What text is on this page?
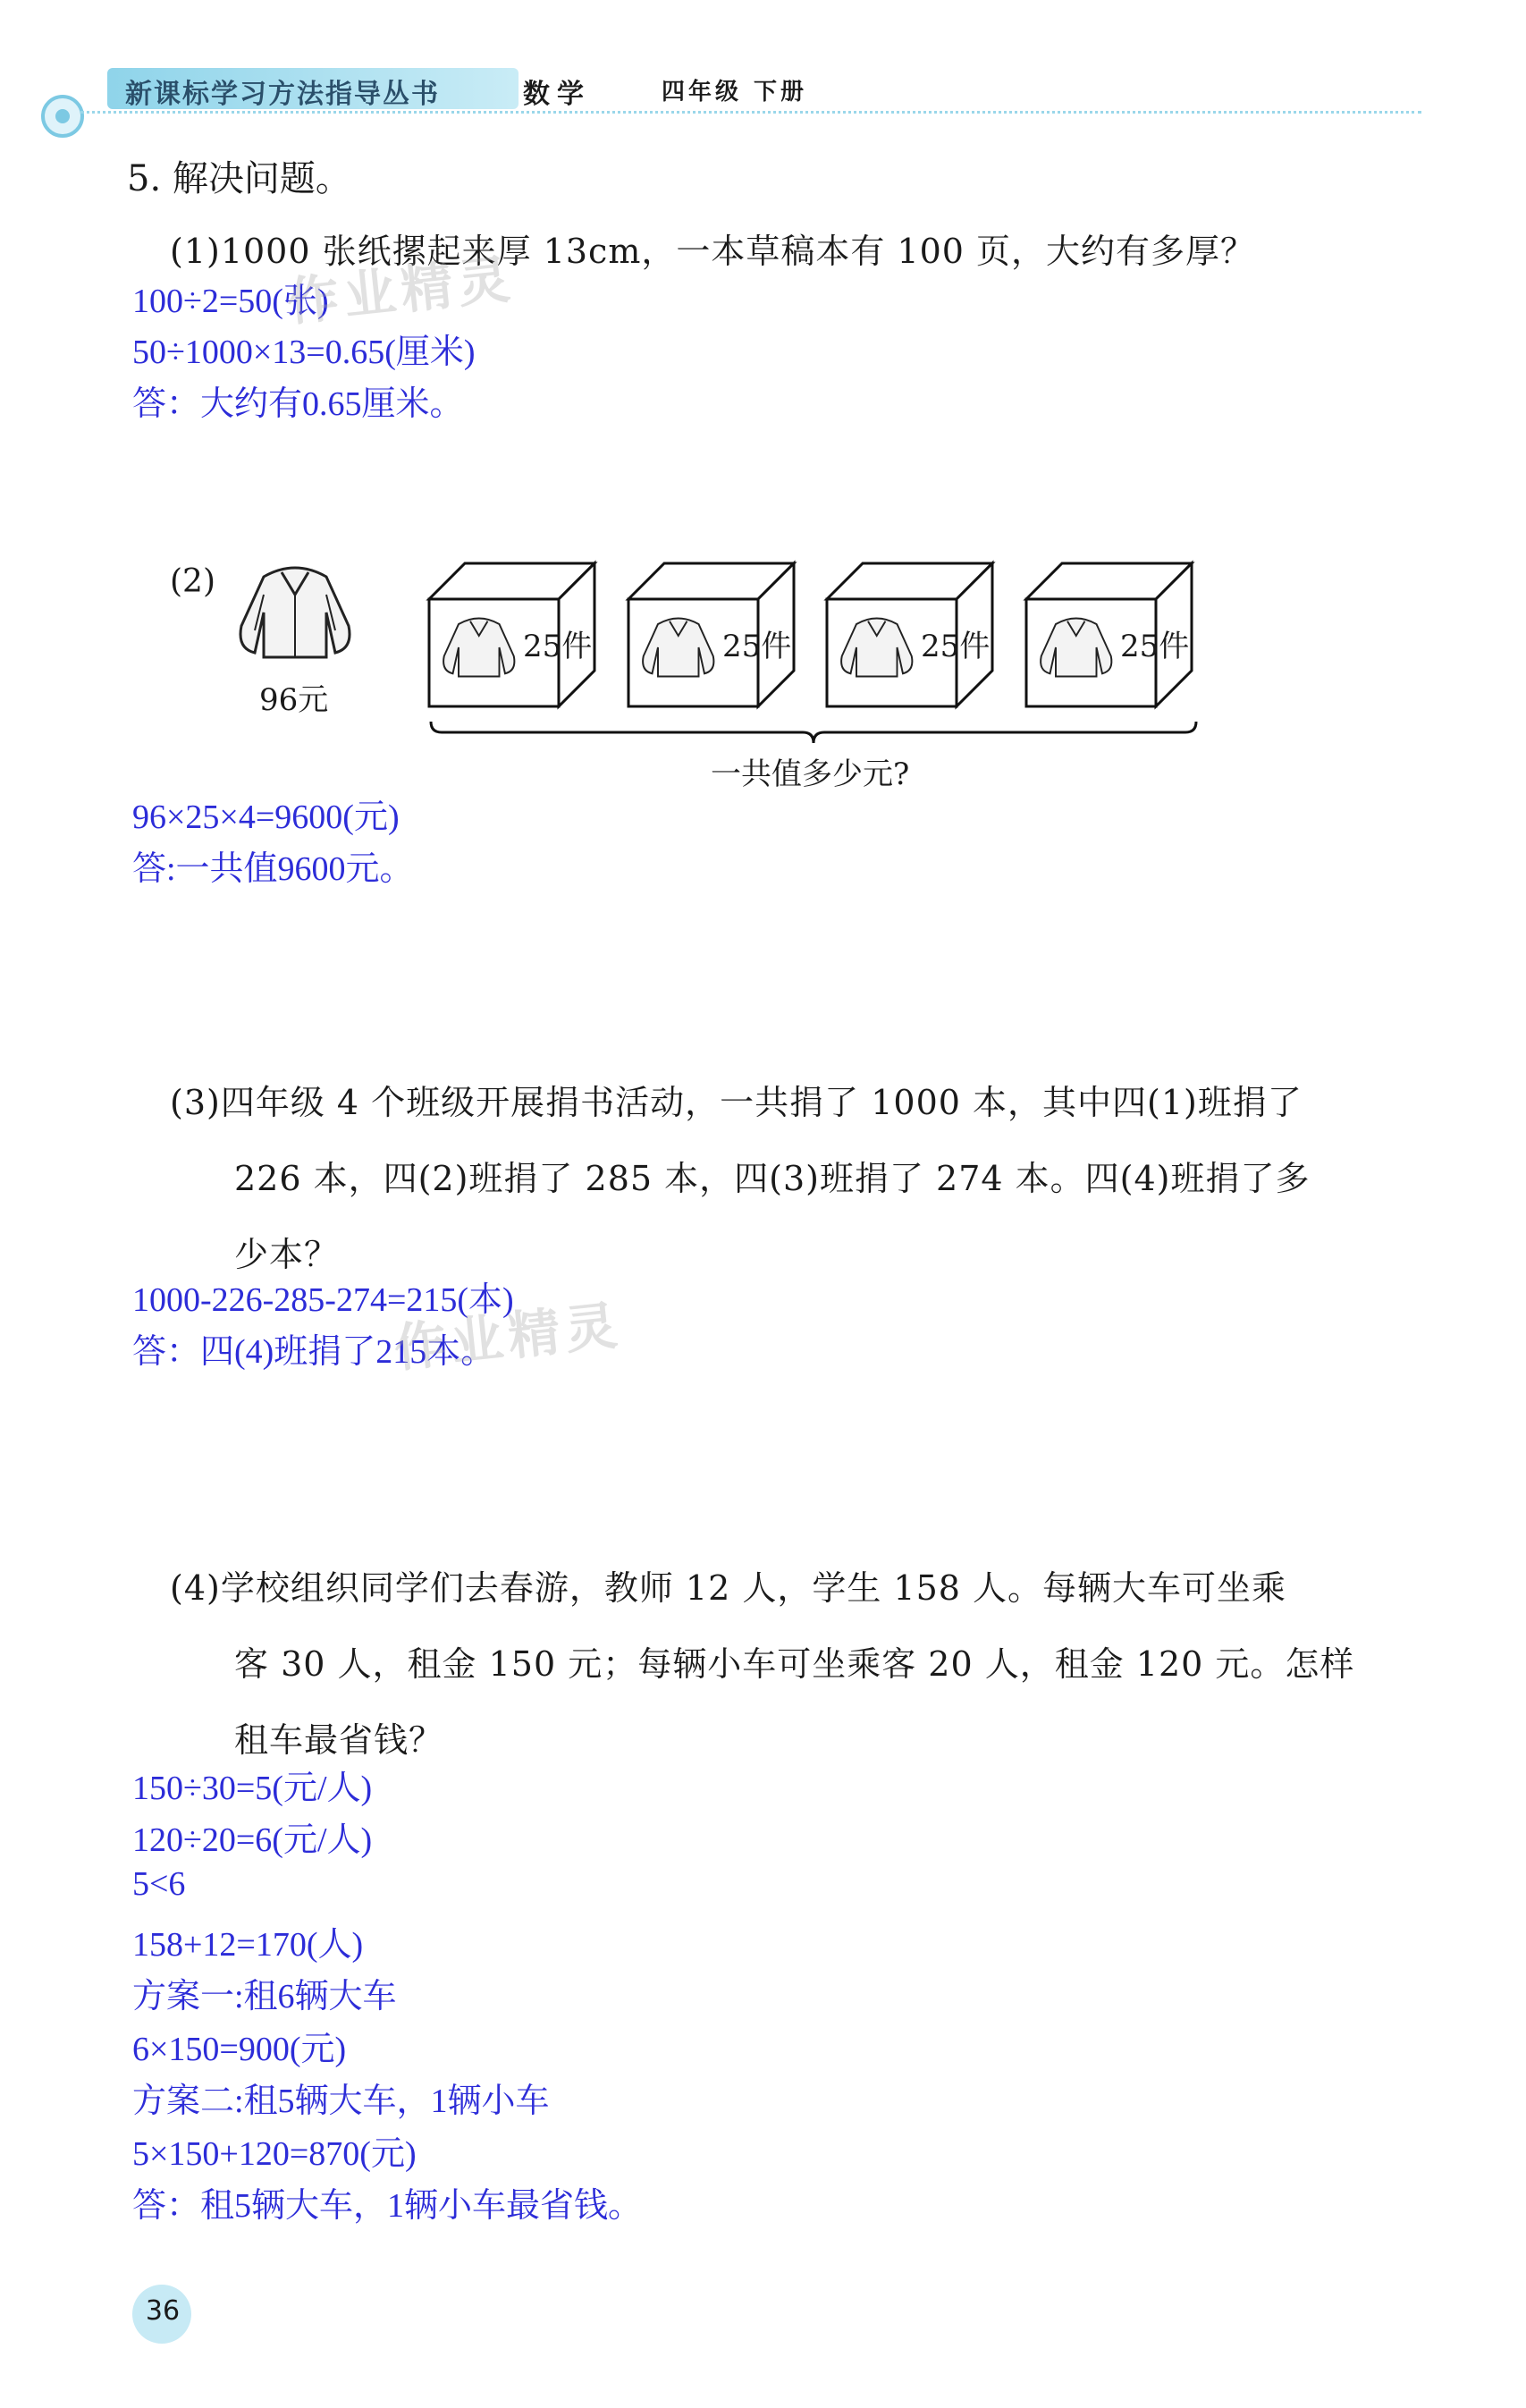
新课标学习方法指导丛书	数学	四年级 下册
5. 解决问题。
(1)1000 张纸摞起来厚 13cm，一本草稿本有 100 页，大约有多厚？
100÷2=50(张)
50÷1000×13=0.65(厘米)
答：大约有0.65厘米。
作业精灵
(2)
96元
25件	25件	25件	25件
一共值多少元?
96×25×4=9600(元)
答:一共值9600元。
(3)四年级 4 个班级开展捐书活动，一共捐了 1000 本，其中四(1)班捐了
226 本，四(2)班捐了 285 本，四(3)班捐了 274 本。四(4)班捐了多
少本？
1000-226-285-274=215(本)
答：四(4)班捐了215本。
作业精灵
(4)学校组织同学们去春游，教师 12 人，学生 158 人。每辆大车可坐乘
客 30 人，租金 150 元；每辆小车可坐乘客 20 人，租金 120 元。怎样
租车最省钱？
150÷30=5(元/人)
120÷20=6(元/人)
5<6
158+12=170(人)
方案一:租6辆大车
6×150=900(元)
方案二:租5辆大车，1辆小车
5×150+120=870(元)
答：租5辆大车，1辆小车最省钱。
36
